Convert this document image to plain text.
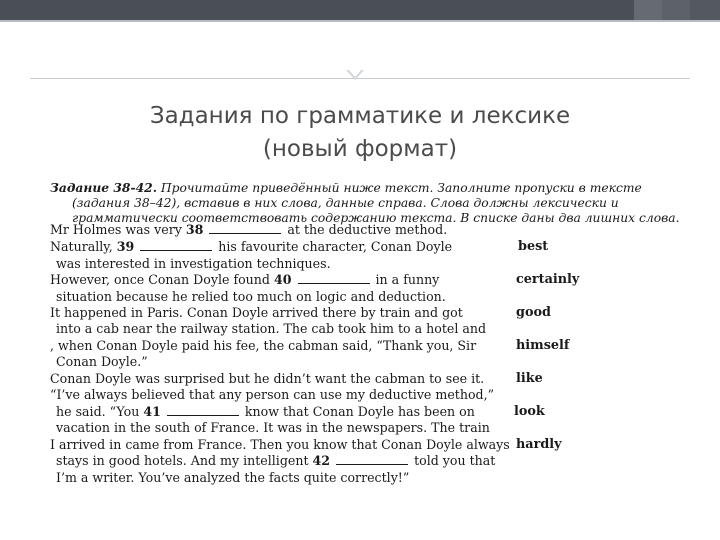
Задания по грамматике и лексике
(новый формат)
Задание 38-42. Прочитайте приведённый ниже текст. Заполните пропуски в тексте
(задания 38–42), вставив в них слова, данные справа. Слова должны лексически и
грамматически соответствовать содержанию текста. В списке даны два лишних слова.
Mr Holmes was very 38	at the deductive method.
Naturally, 39	his favourite character, Conan Doyle
was interested in investigation techniques.
However, once Conan Doyle found 40	in a funny
situation because he relied too much on logic and deduction.
It happened in Paris. Conan Doyle arrived there by train and got
into a cab near the railway station. The cab took him to a hotel and
, when Conan Doyle paid his fee, the cabman said, “Thank you, Sir
Conan Doyle.”
Conan Doyle was surprised but he didn’t want the cabman to see it.
“I’ve always believed that any person can use my deductive method,”
he said. “You 41	know that Conan Doyle has been on
vacation in the south of France. It was in the newspapers. The train
I arrived in came from France. Then you know that Conan Doyle always
stays in good hotels. And my intelligent 42	told you that
I’m a writer. You’ve analyzed the facts quite correctly!”
best
certainly
good
himself
like
look
hardly
